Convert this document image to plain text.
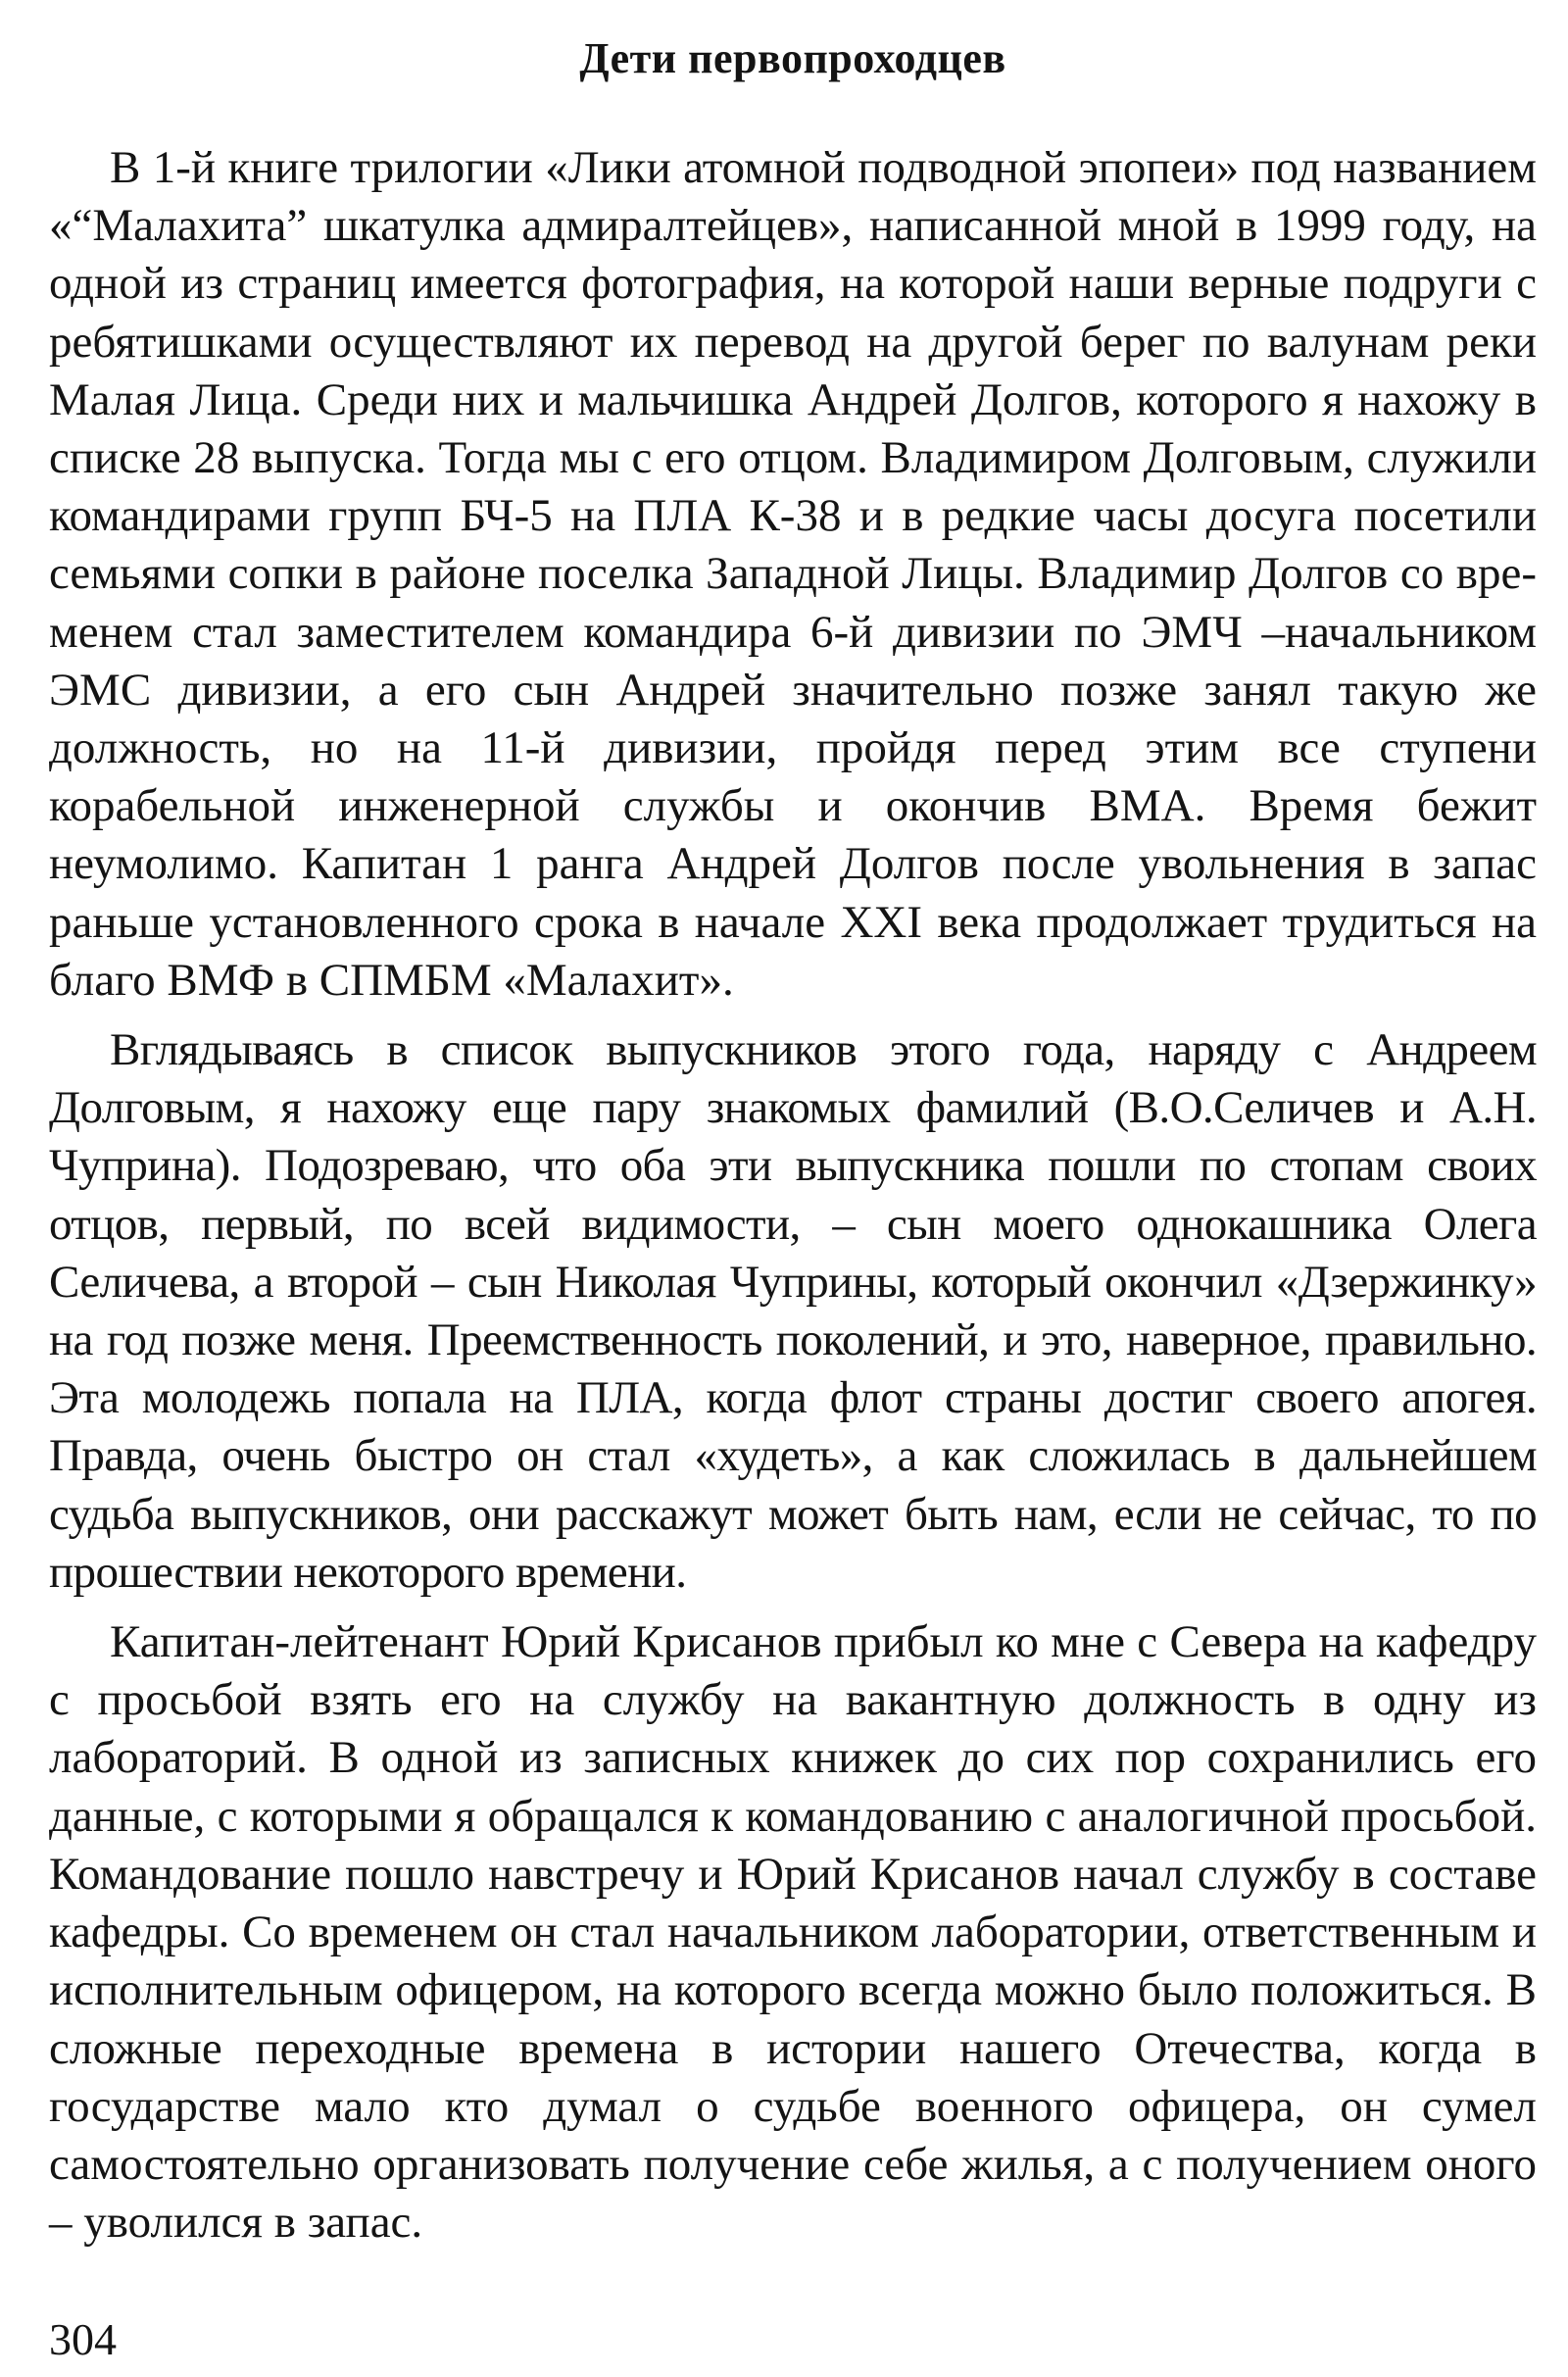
Дети первопроходцев

В 1-й книге трилогии «Лики атомной подводной эпопеи» под названием «“Малахита” шкатулка адмиралтейцев», написанной мной в 1999 году, на одной из страниц имеется фотография, на которой наши верные подруги с ребятишками осуществляют их перевод на другой берег по валунам реки Малая Лица. Среди них и мальчишка Андрей Долгов, которого я нахожу в списке 28 выпуска. Тогда мы с его отцом. Владимиром Долговым, служили командирами групп БЧ-5 на ПЛА К-38 и в редкие часы досуга посетили семьями сопки в районе поселка Западной Лицы. Владимир Долгов со временем стал заместителем командира 6-й дивизии по ЭМЧ –начальником ЭМС дивизии, а его сын Андрей значительно позже занял такую же должность, но на 11-й дивизии, пройдя перед этим все ступени корабельной инженерной службы и окончив ВМА. Время бежит неумолимо. Капитан 1 ранга Андрей Долгов после увольнения в запас раньше установленного срока в начале XXI века продолжает трудиться на благо ВМФ в СПМБМ «Малахит».

Вглядываясь в список выпускников этого года, наряду с Андреем Долговым, я нахожу еще пару знакомых фамилий (В.О.Селичев и А.Н. Чуприна). Подозреваю, что оба эти выпускника пошли по стопам своих отцов, первый, по всей видимости, – сын моего однокашника Олега Селичева, а второй – сын Николая Чуприны, который окончил «Дзержинку» на год позже меня. Преемственность поколений, и это, наверное, правильно. Эта молодежь попала на ПЛА, когда флот страны достиг своего апогея. Правда, очень быстро он стал «худеть», а как сложилась в дальнейшем судьба выпускников, они расскажут может быть нам, если не сейчас, то по прошествии некоторого времени.

Капитан-лейтенант Юрий Крисанов прибыл ко мне с Севера на кафедру с просьбой взять его на службу на вакантную должность в одну из лабораторий. В одной из записных книжек до сих пор сохранились его данные, с которыми я обращался к командованию с аналогичной просьбой. Командование пошло навстречу и Юрий Крисанов начал службу в составе кафедры. Со временем он стал начальником лаборатории, ответственным и исполнительным офицером, на которого всегда можно было положиться. В сложные переходные времена в истории нашего Отечества, когда в государстве мало кто думал о судьбе военного офицера, он сумел самостоятельно организовать получение себе жилья, а с получением оного – уволился в запас.

304
